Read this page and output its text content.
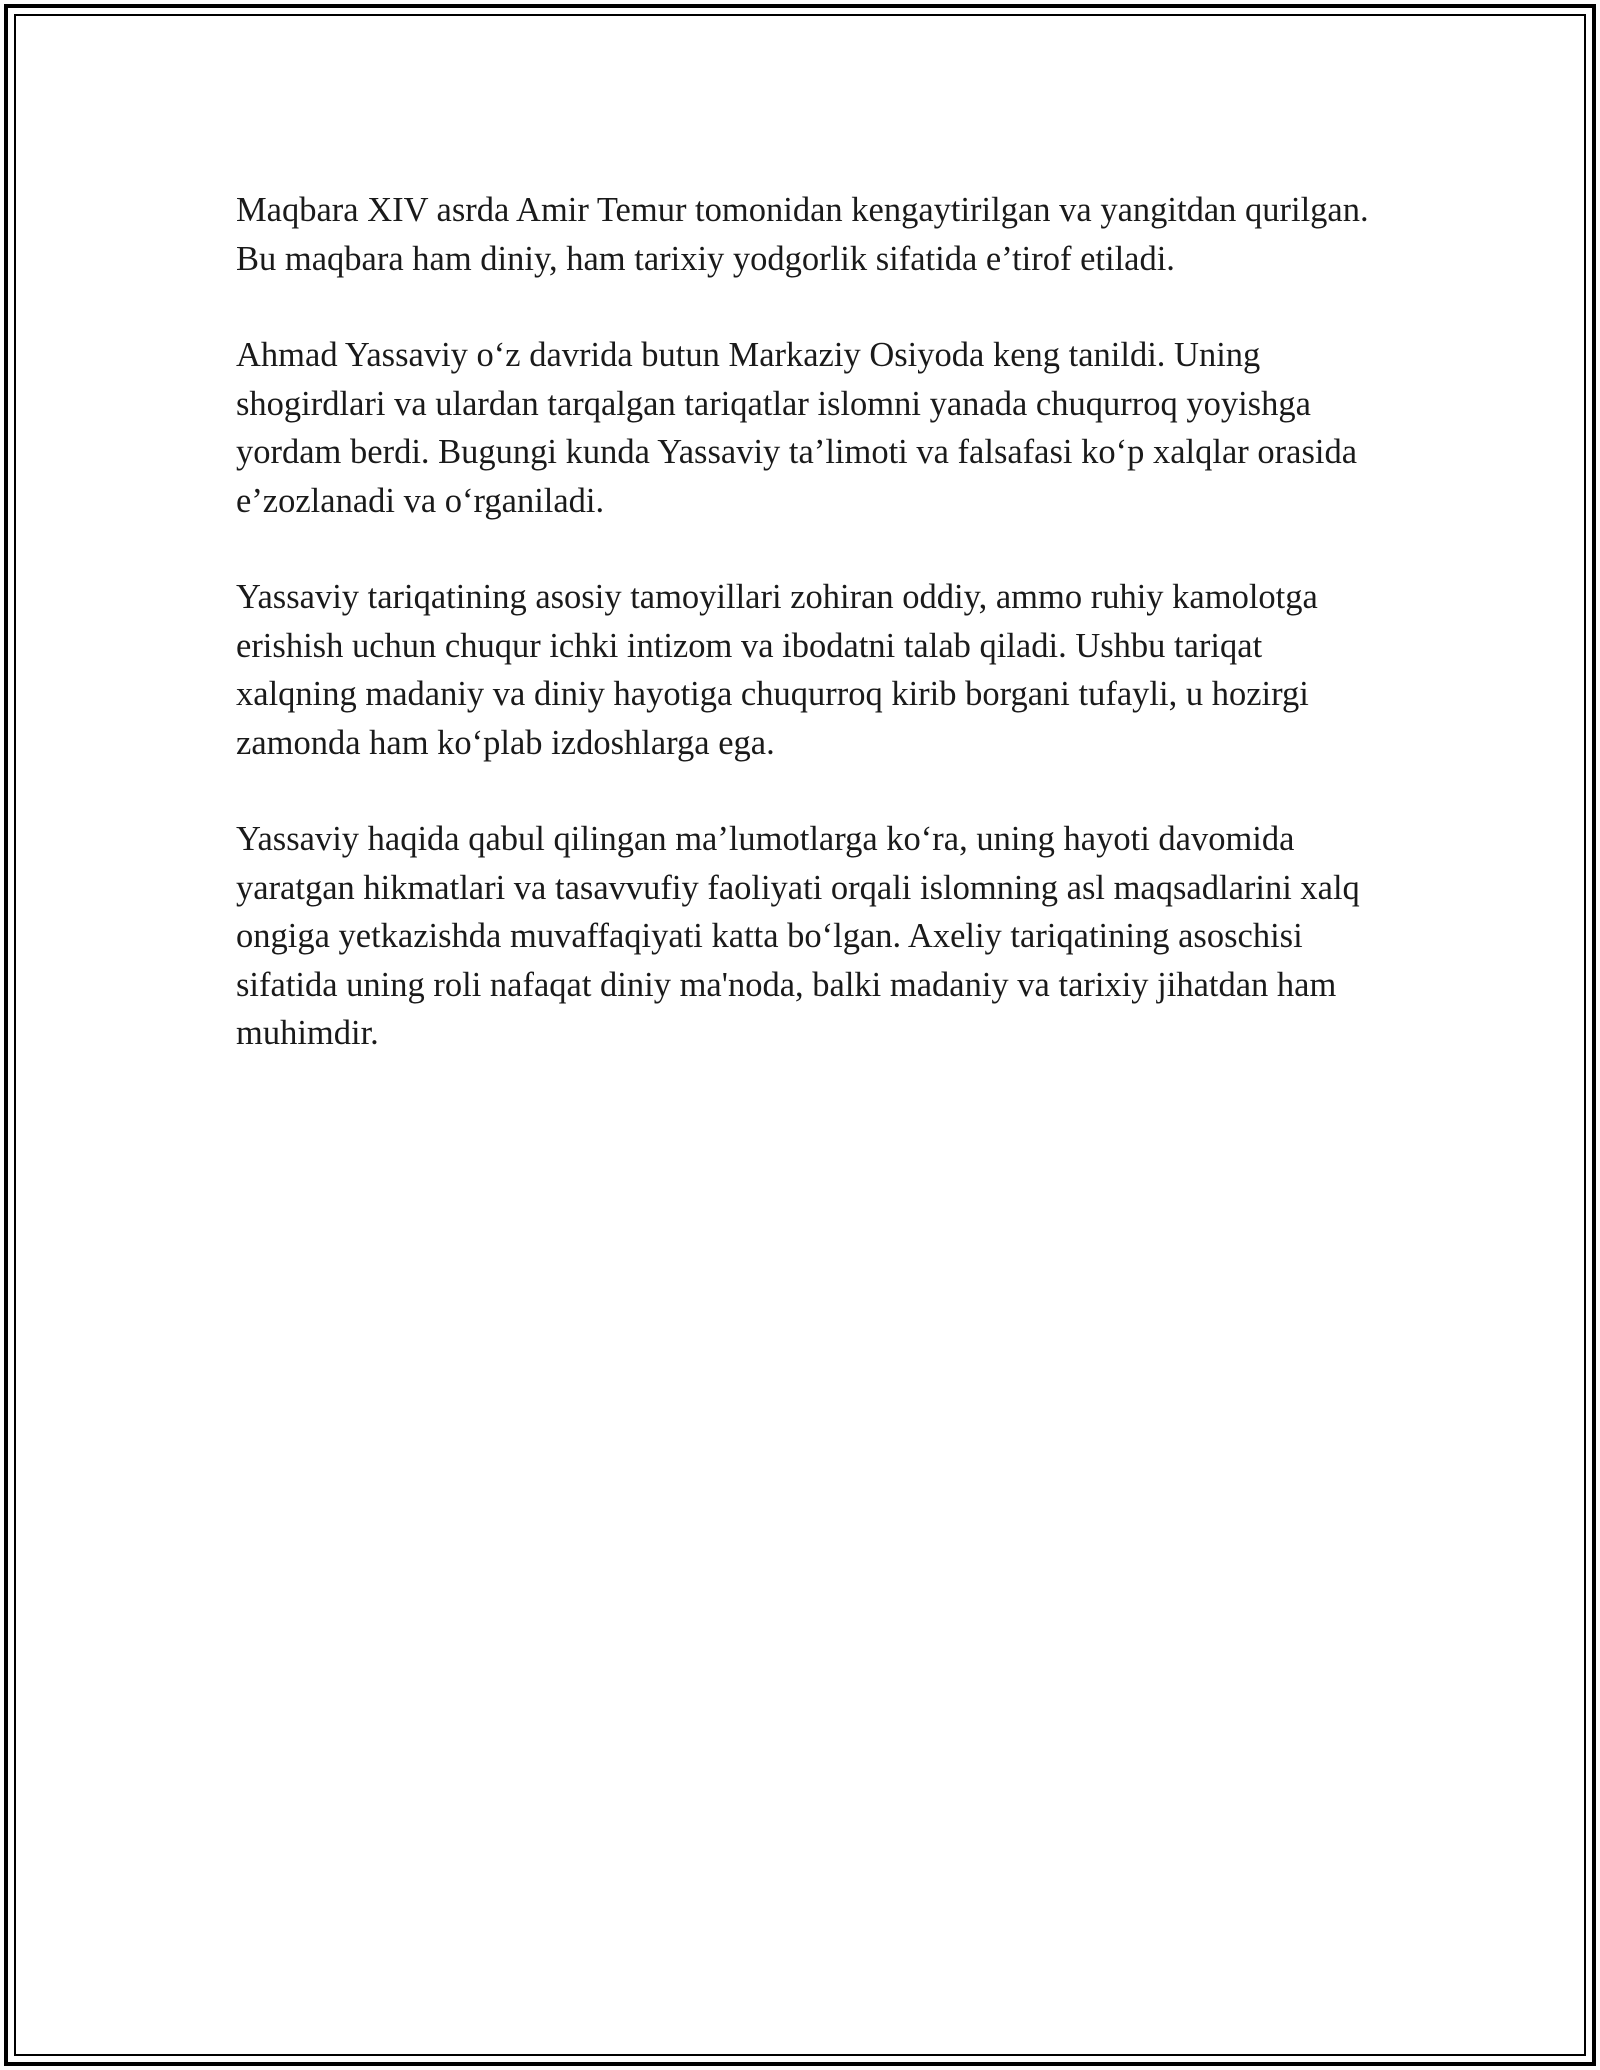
Maqbara XIV asrda Amir Temur tomonidan kengaytirilgan va yangitdan qurilgan. Bu maqbara ham diniy, ham tarixiy yodgorlik sifatida e’tirof etiladi.

Ahmad Yassaviy o‘z davrida butun Markaziy Osiyoda keng tanildi. Uning shogirdlari va ulardan tarqalgan tariqatlar islomni yanada chuqurroq yoyishga yordam berdi. Bugungi kunda Yassaviy ta’limoti va falsafasi ko‘p xalqlar orasida e’zozlanadi va o‘rganiladi.

Yassaviy tariqatining asosiy tamoyillari zohiran oddiy, ammo ruhiy kamolotga erishish uchun chuqur ichki intizom va ibodatni talab qiladi. Ushbu tariqat xalqning madaniy va diniy hayotiga chuqurroq kirib borgani tufayli, u hozirgi zamonda ham ko‘plab izdoshlarga ega.

Yassaviy haqida qabul qilingan ma’lumotlarga ko‘ra, uning hayoti davomida yaratgan hikmatlari va tasavvufiy faoliyati orqali islomning asl maqsadlarini xalq ongiga yetkazishda muvaffaqiyati katta bo‘lgan. Axeliy tariqatining asoschisi sifatida uning roli nafaqat diniy ma'noda, balki madaniy va tarixiy jihatdan ham muhimdir.
